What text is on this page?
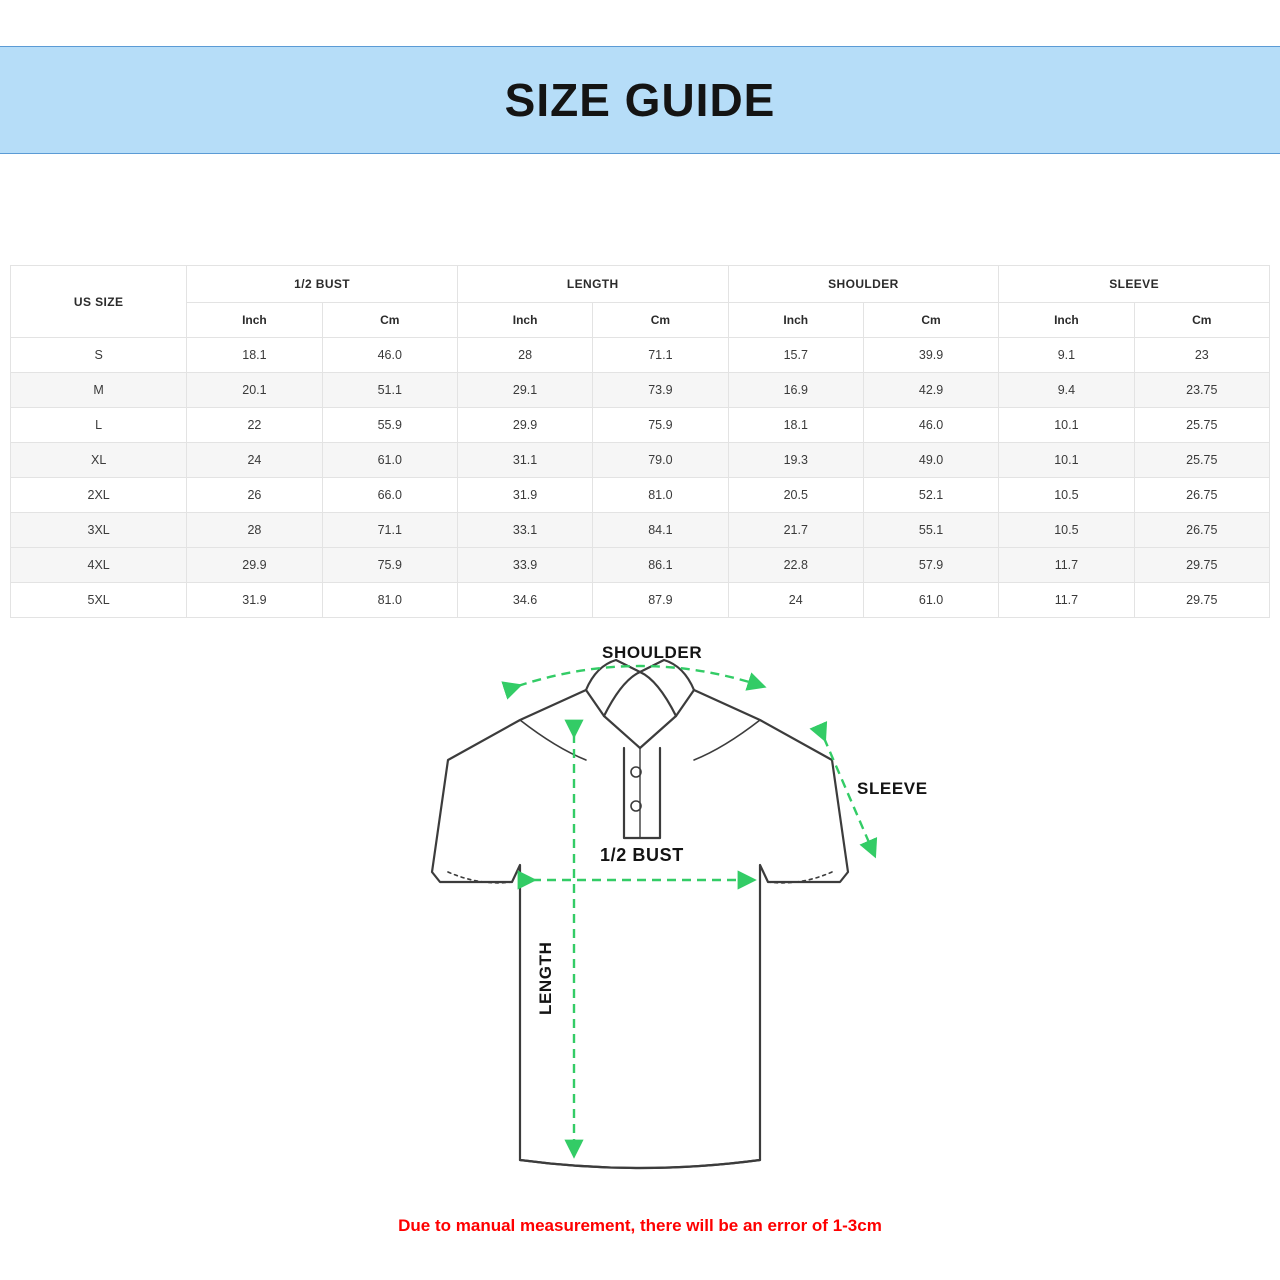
SIZE GUIDE
US SIZE	1/2 BUST		LENGTH		SHOULDER		SLEEVE	
	Inch	Cm	Inch	Cm	Inch	Cm	Inch	Cm
S	18.1	46.0	28	71.1	15.7	39.9	9.1	23
M	20.1	51.1	29.1	73.9	16.9	42.9	9.4	23.75
L	22	55.9	29.9	75.9	18.1	46.0	10.1	25.75
XL	24	61.0	31.1	79.0	19.3	49.0	10.1	25.75
2XL	26	66.0	31.9	81.0	20.5	52.1	10.5	26.75
3XL	28	71.1	33.1	84.1	21.7	55.1	10.5	26.75
4XL	29.9	75.9	33.9	86.1	22.8	57.9	11.7	29.75
5XL	31.9	81.0	34.6	87.9	24	61.0	11.7	29.75
SHOULDER
SLEEVE
1/2 BUST
LENGTH
Due to manual measurement, there will be an error of 1-3cm
